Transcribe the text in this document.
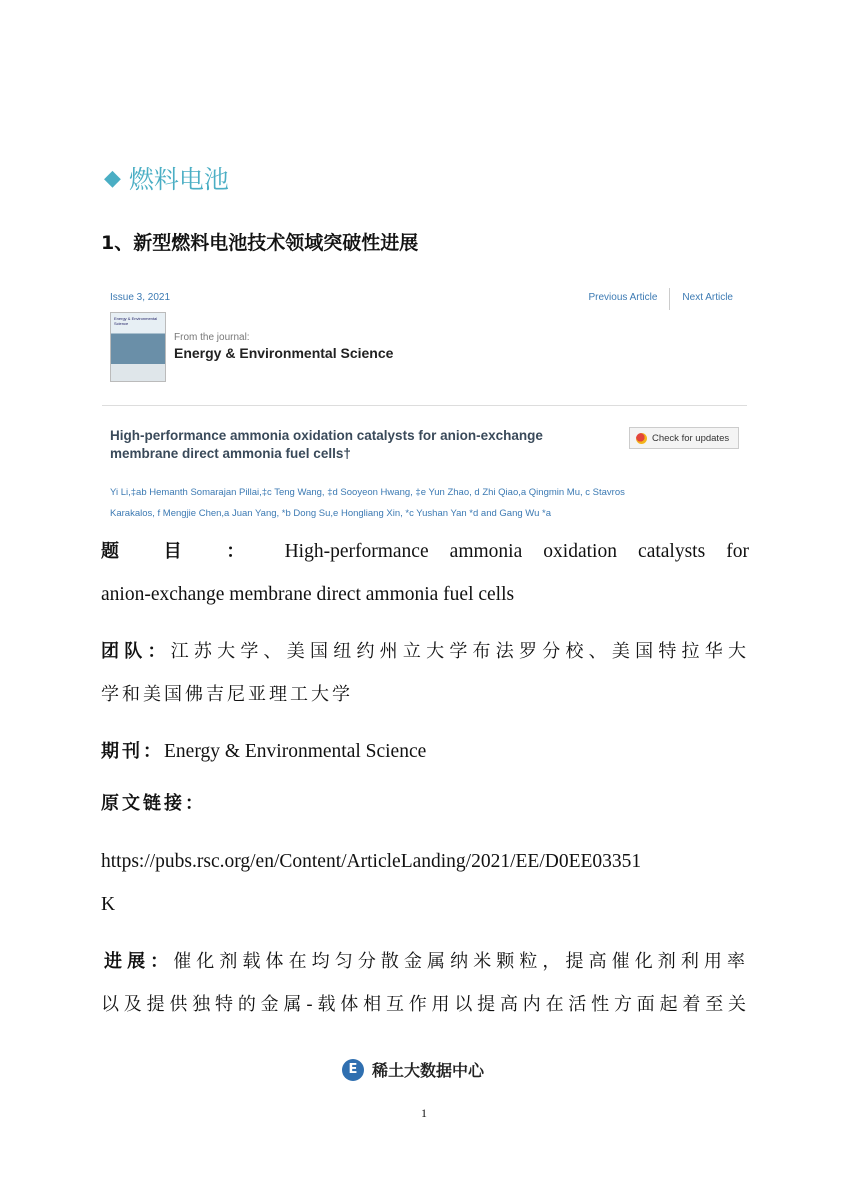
◆ 燃料电池
1、新型燃料电池技术领域突破性进展
Issue 3, 2021	Previous Article	Next Article
Energy & Environmental Science
From the journal:
Energy & Environmental Science
High-performance ammonia oxidation catalysts for anion-exchange membrane direct ammonia fuel cells†
Check for updates
Yi Li,‡ab Hemanth Somarajan Pillai,‡c Teng Wang, ‡d Sooyeon Hwang, ‡e Yun Zhao, d Zhi Qiao,a Qingmin Mu, c Stavros
Karakalos, f Mengjie Chen,a Juan Yang, *b Dong Su,e Hongliang Xin, *c Yushan Yan *d and Gang Wu *a
题 目 ： High-performance ammonia oxidation catalysts for
anion-exchange membrane direct ammonia fuel cells
团队：江苏大学、美国纽约州立大学布法罗分校、美国特拉华大
学和美国佛吉尼亚理工大学
期刊：Energy & Environmental Science
原文链接：
https://pubs.rsc.org/en/Content/ArticleLanding/2021/EE/D0EE03351
K
进展：催化剂载体在均匀分散金属纳米颗粒，提高催化剂利用率
以及提供独特的金属-载体相互作用以提高内在活性方面起着至关
E 稀土大数据中心
1
